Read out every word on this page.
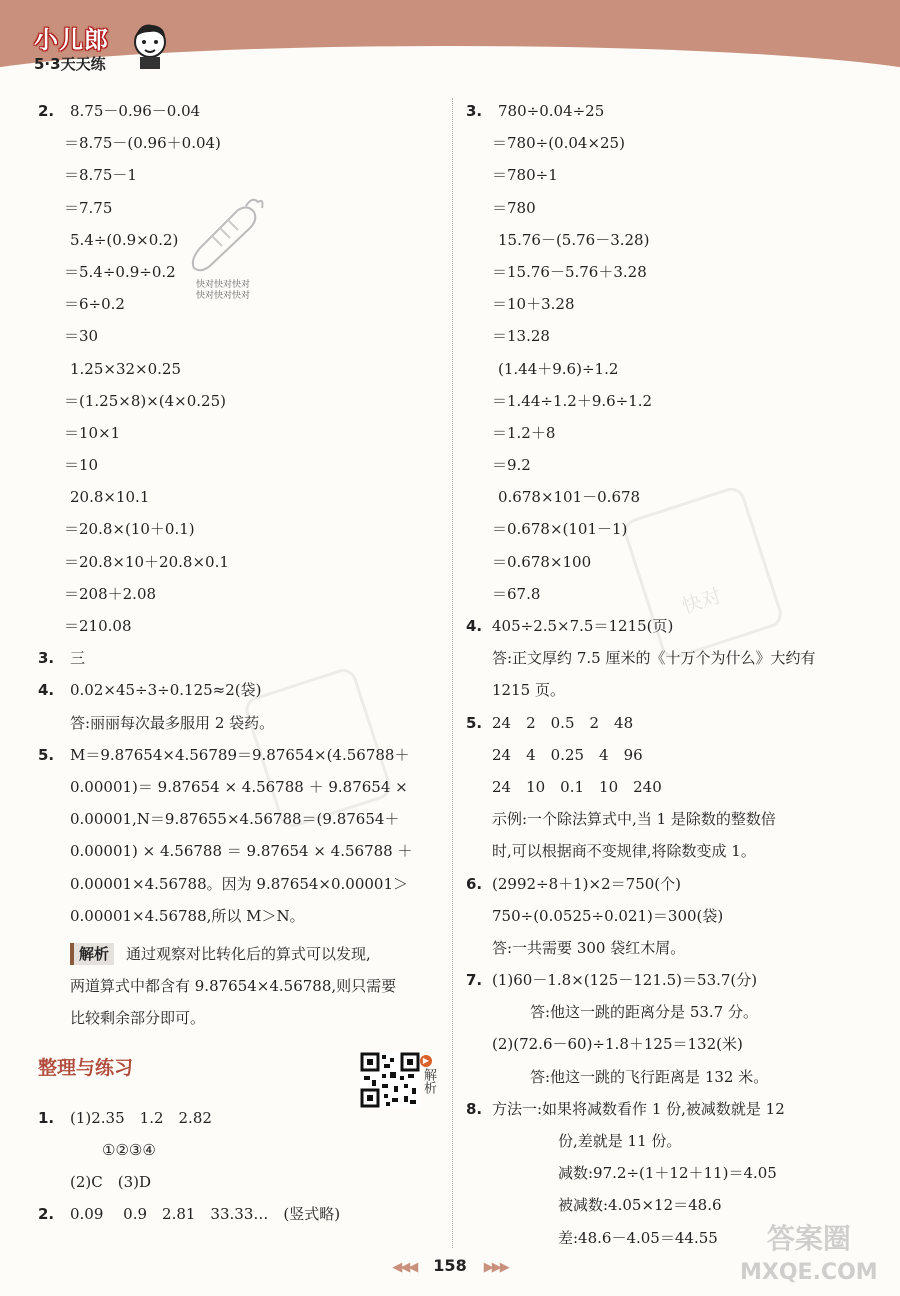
小儿郎
5·3天天练
2. 8.75－0.96－0.04
＝8.75－(0.96＋0.04)
＝8.75－1
＝7.75
5.4÷(0.9×0.2)
＝5.4÷0.9÷0.2
＝6÷0.2
＝30
1.25×32×0.25
＝(1.25×8)×(4×0.25)
＝10×1
＝10
20.8×10.1
＝20.8×(10＋0.1)
＝20.8×10＋20.8×0.1
＝208＋2.08
＝210.08
3. 三
4. 0.02×45÷3÷0.125≈2(袋)
答:丽丽每次最多服用 2 袋药。
5. M＝9.87654×4.56789＝9.87654×(4.56788＋
0.00001)＝ 9.87654 × 4.56788 ＋ 9.87654 ×
0.00001,N＝9.87655×4.56788＝(9.87654＋
0.00001) × 4.56788 ＝ 9.87654 × 4.56788 ＋
0.00001×4.56788。因为 9.87654×0.00001＞
0.00001×4.56788,所以 M＞N。
解析 通过观察对比转化后的算式可以发现,
两道算式中都含有 9.87654×4.56788,则只需要
比较剩余部分即可。
整理与练习
1. (1)2.35　1.2　2.82
①②③④
(2)C　(3)D
2. 0.09　 0.9　2.81　33.33…　(竖式略)
▶
解析
快对快对快对
快对快对快对
快对
3. 780÷0.04÷25
＝780÷(0.04×25)
＝780÷1
＝780
15.76－(5.76－3.28)
＝15.76－5.76＋3.28
＝10＋3.28
＝13.28
(1.44＋9.6)÷1.2
＝1.44÷1.2＋9.6÷1.2
＝1.2＋8
＝9.2
0.678×101－0.678
＝0.678×(101－1)
＝0.678×100
＝67.8
4. 405÷2.5×7.5＝1215(页)
答:正文厚约 7.5 厘米的《十万个为什么》大约有
1215 页。
5. 24　2　0.5　2　48
24　4　0.25　4　96
24　10　0.1　10　240
示例:一个除法算式中,当 1 是除数的整数倍
时,可以根据商不变规律,将除数变成 1。
6. (2992÷8＋1)×2＝750(个)
750÷(0.0525÷0.021)＝300(袋)
答:一共需要 300 袋红木屑。
7. (1)60－1.8×(125－121.5)＝53.7(分)
答:他这一跳的距离分是 53.7 分。
(2)(72.6－60)÷1.8＋125＝132(米)
答:他这一跳的飞行距离是 132 米。
8. 方法一:如果将减数看作 1 份,被减数就是 12
份,差就是 11 份。
减数:97.2÷(1＋12＋11)＝4.05
被减数:4.05×12＝48.6
差:48.6－4.05＝44.55	答案圈
MXQE.COM
◀◀◀ 158 ▶▶▶
